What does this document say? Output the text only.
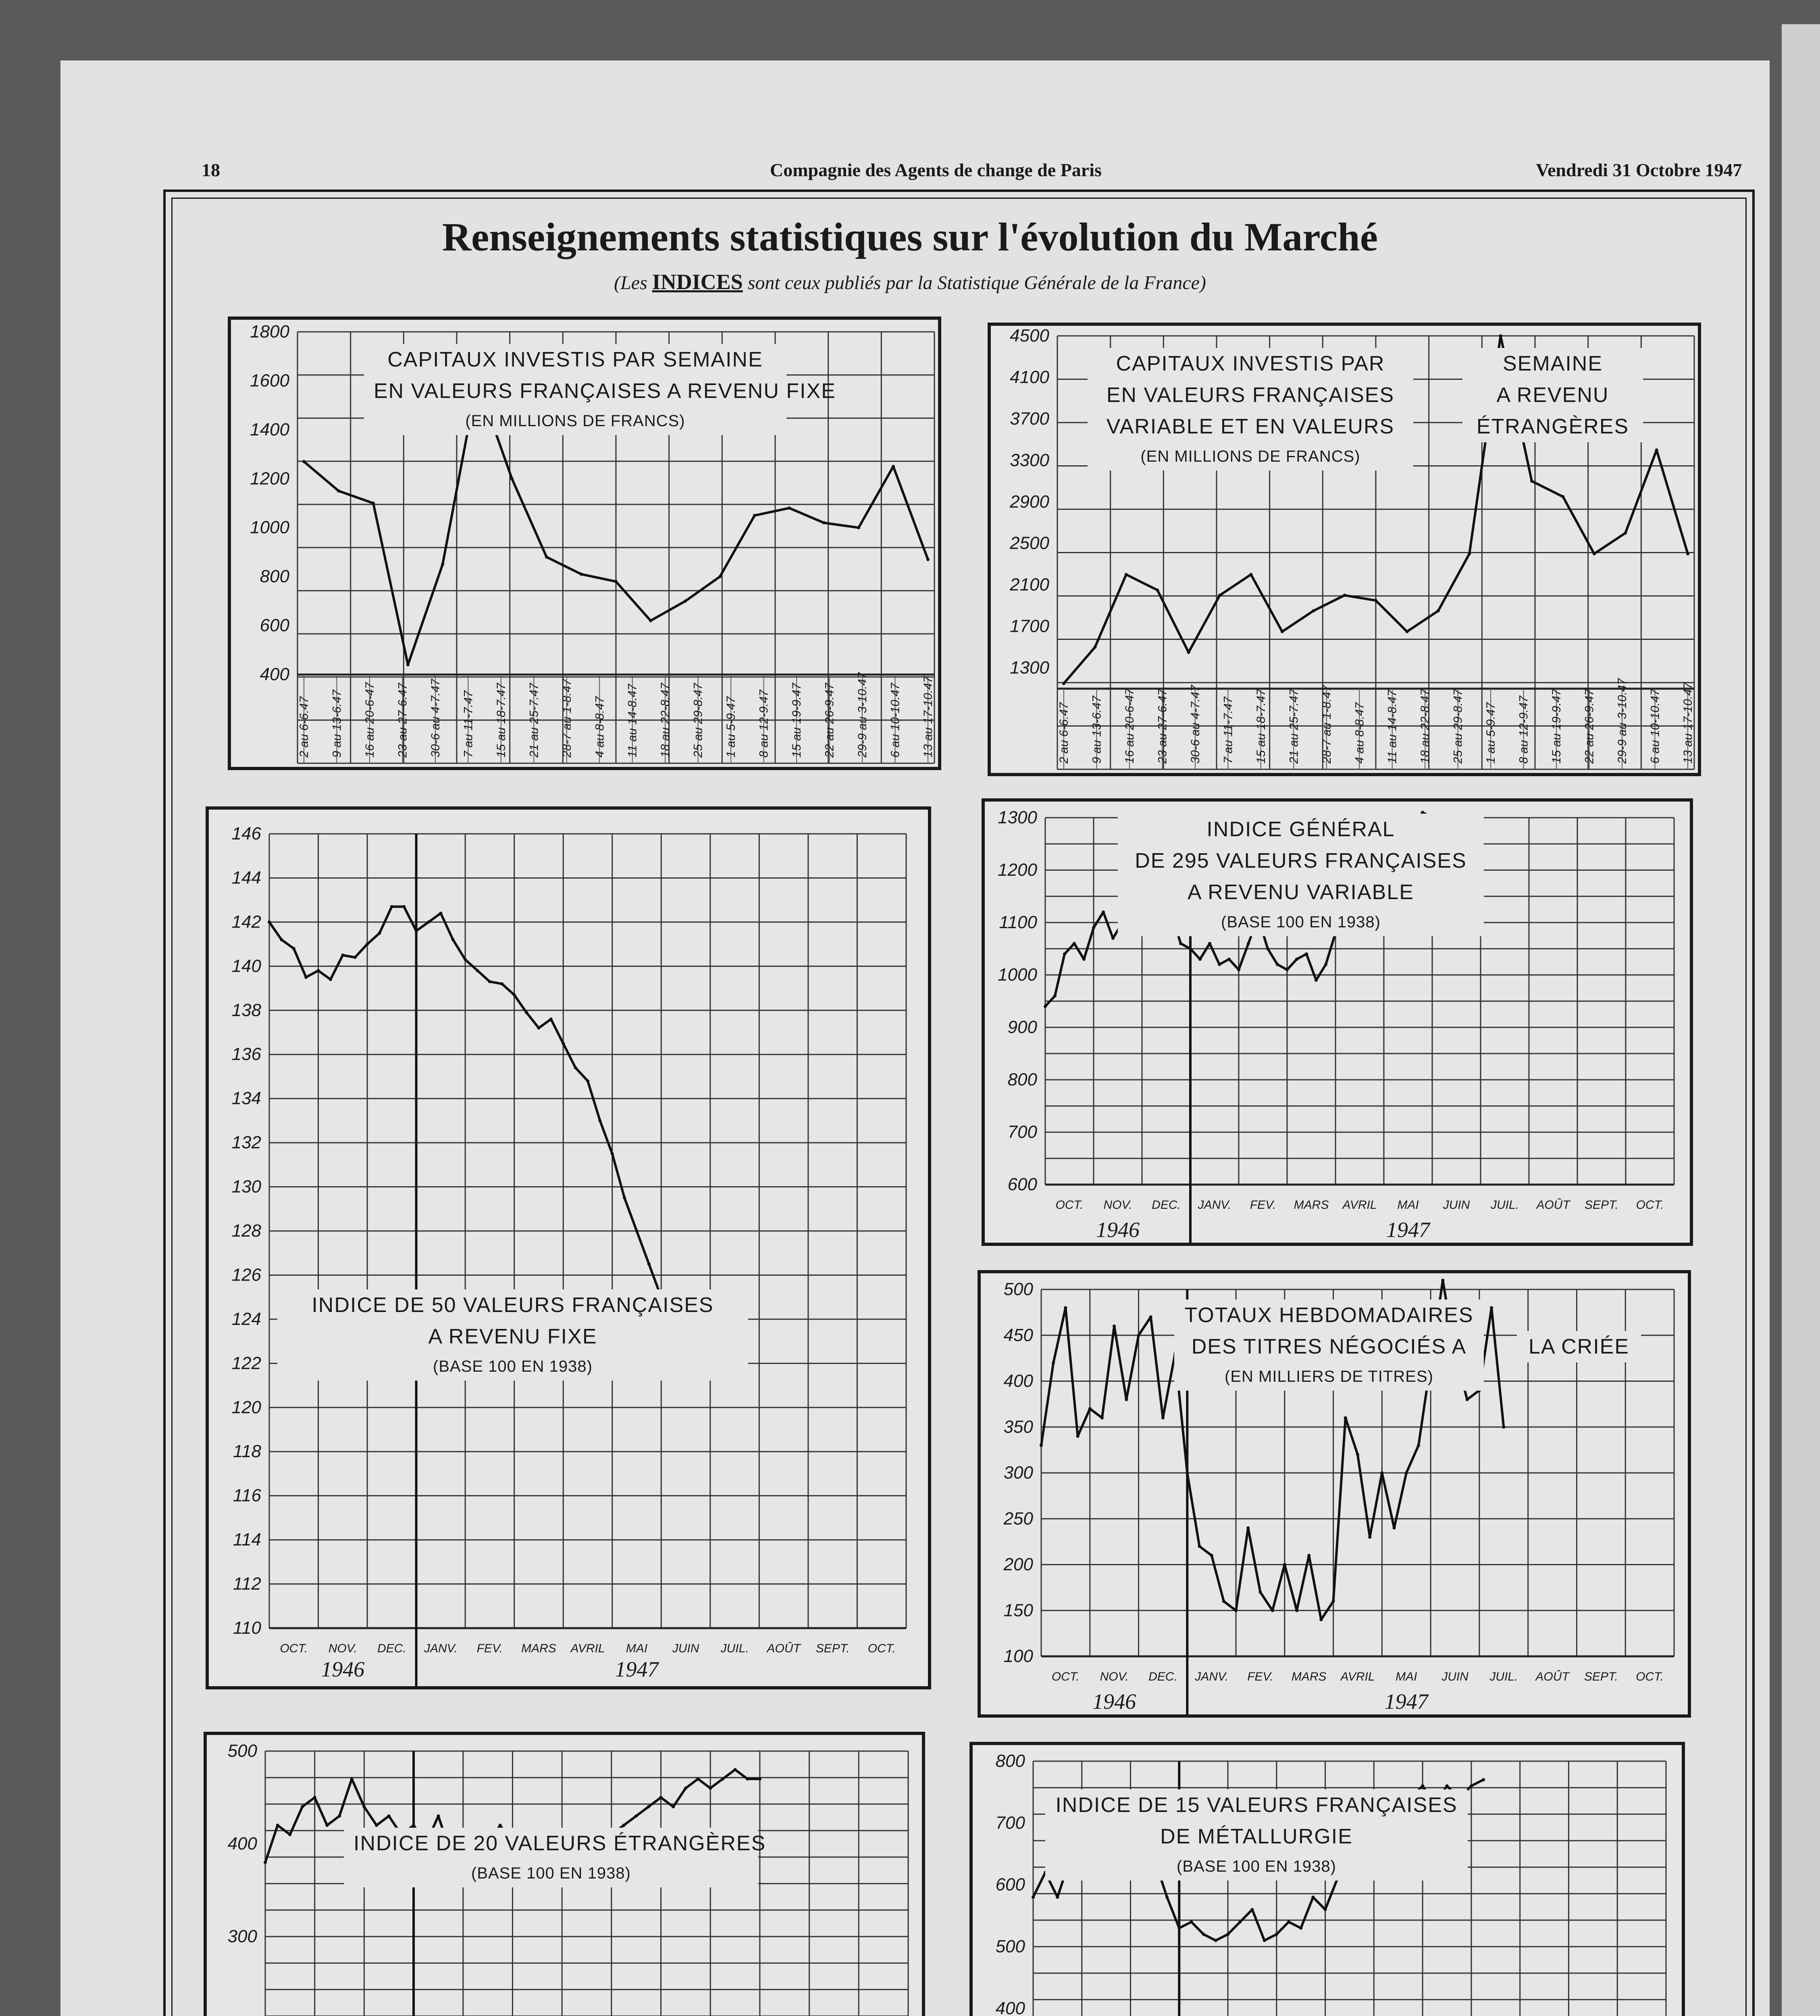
18	Compagnie des Agents de change de Paris	Vendredi 31 Octobre 1947
Renseignements statistiques sur l'évolution du Marché
(Les INDICES sont ceux publiés par la Statistique Générale de la France)
2 au 6-6.47 9 au 13-6.47 16 au 20-6-47 23 au 27-6.47 30-6 au 4-7.47 7 au 11-7.47 15 au 18-7.47 21 au 25-7.47 28-7 au 1-8.47 4 au 8-8.47 11 au 14-8.47 18 au 22-8.47 25 au 29-8.47 1 au 5-9.47 8 au 12-9.47 15 au 19-9.47 22 au 26-9.47 29-9 au 3-10.47 6 au 10-10.47 13 au 17-10.47
400
600
800
1000
1200
1400
1600
1800
CAPITAUX INVESTIS PAR SEMAINE
EN VALEURS FRANÇAISES A REVENU FIXE
(EN MILLIONS DE FRANCS)
2 au 6-6.47 9 au 13-6.47 16 au 20-6-47 23 au 27-6.47 30-6 au 4-7.47 7 au 11-7.47 15 au 18-7.47 21 au 25-7.47 28-7 au 1-8.47 4 au 8-8.47 11 au 14-8.47 18 au 22-8.47 25 au 29-8.47 1 au 5-9.47 8 au 12-9.47 15 au 19-9.47 22 au 26-9.47 29-9 au 3-10.47 6 au 10-10.47 13 au 17-10.47
1300
1700
2100
2500
2900
3300
3700
4100
4500
CAPITAUX INVESTIS PAR
EN VALEURS FRANÇAISES
VARIABLE ET EN VALEURS
(EN MILLIONS DE FRANCS)
SEMAINE
A REVENU
ÉTRANGÈRES
OCT. NOV. DEC. JANV. FEV. MARS AVRIL MAI JUIN JUIL. AOÛT SEPT. OCT.
1946	1947
110
112
114
116
118
120
122
124
126
128
130
132
134
136
138
140
142
144
146
INDICE DE 50 VALEURS FRANÇAISES
A REVENU FIXE
(BASE 100 EN 1938)
OCT. NOV. DEC. JANV. FEV. MARS AVRIL MAI JUIN JUIL. AOÛT SEPT. OCT.
1946	1947
600
700
800
900
1000
1100
1200
1300
INDICE GÉNÉRAL
DE 295 VALEURS FRANÇAISES
A REVENU VARIABLE
(BASE 100 EN 1938)
OCT. NOV. DEC. JANV. FEV. MARS AVRIL MAI JUIN JUIL. AOÛT SEPT. OCT.
1946	1947
100
150
200
250
300
350
400
450
500
TOTAUX HEBDOMADAIRES
DES TITRES NÉGOCIÉS A
(EN MILLIERS DE TITRES)
LA CRIÉE
300
400
500
INDICE DE 20 VALEURS ÉTRANGÈRES
(BASE 100 EN 1938)
400
500
600
700
800
INDICE DE 15 VALEURS FRANÇAISES
DE MÉTALLURGIE
(BASE 100 EN 1938)
